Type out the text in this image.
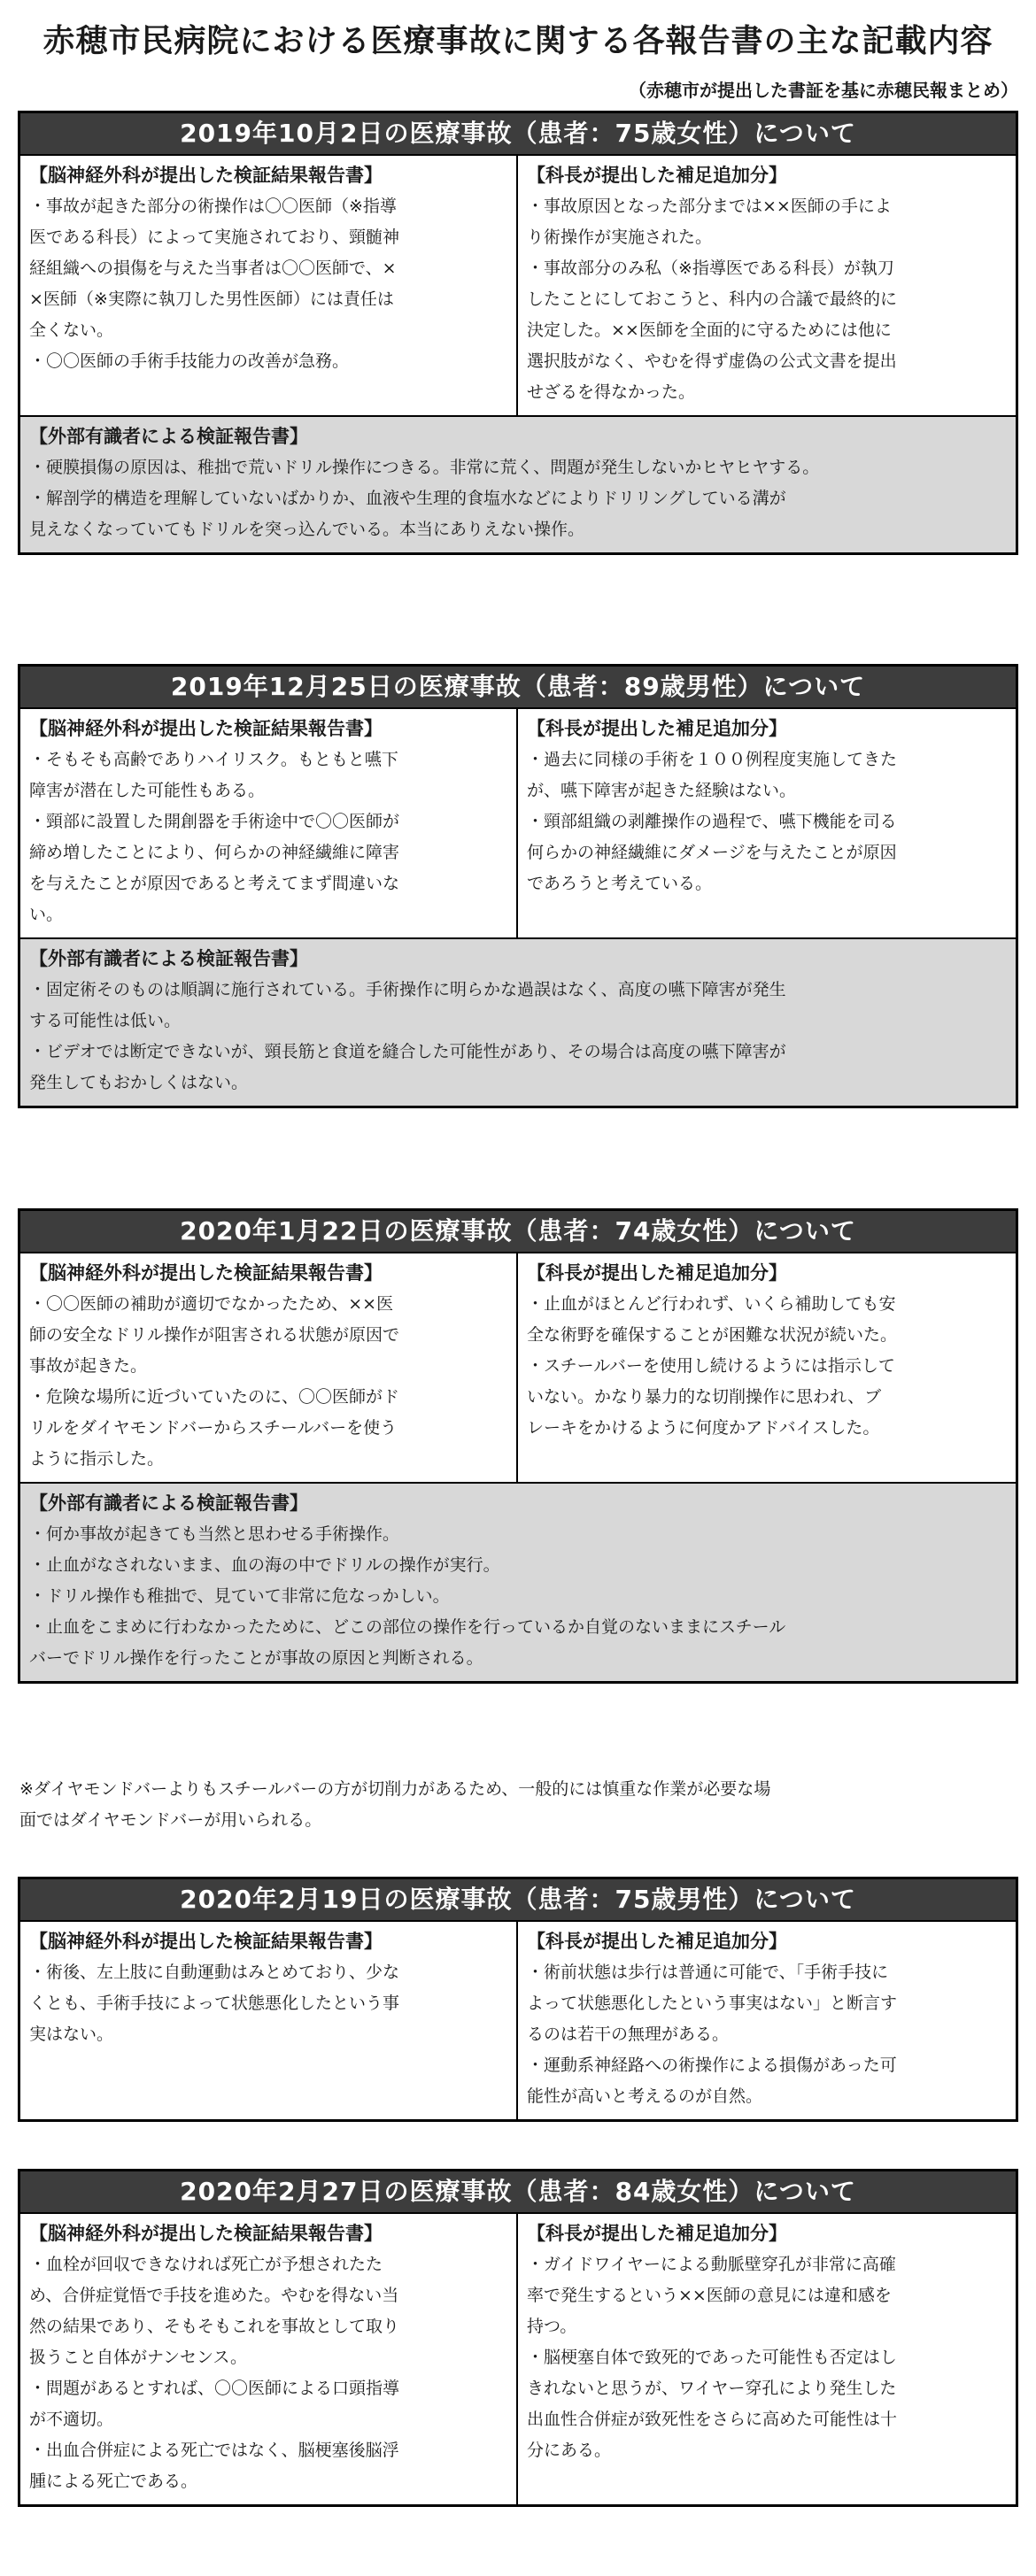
赤穂市民病院における医療事故に関する各報告書の主な記載内容
（赤穂市が提出した書証を基に赤穂民報まとめ）
2019年10月2日の医療事故（患者：75歳女性）について
【脳神経外科が提出した検証結果報告書】
・事故が起きた部分の術操作は〇〇医師（※指導
医である科長）によって実施されており、頸髄神
経組織への損傷を与えた当事者は〇〇医師で、×
×医師（※実際に執刀した男性医師）には責任は
全くない。
・〇〇医師の手術手技能力の改善が急務。
【科長が提出した補足追加分】
・事故原因となった部分までは××医師の手によ
り術操作が実施された。
・事故部分のみ私（※指導医である科長）が執刀
したことにしておこうと、科内の合議で最終的に
決定した。××医師を全面的に守るためには他に
選択肢がなく、やむを得ず虚偽の公式文書を提出
せざるを得なかった。
【外部有識者による検証報告書】
・硬膜損傷の原因は、稚拙で荒いドリル操作につきる。非常に荒く、問題が発生しないかヒヤヒヤする。
・解剖学的構造を理解していないばかりか、血液や生理的食塩水などによりドリリングしている溝が
見えなくなっていてもドリルを突っ込んでいる。本当にありえない操作。
2019年12月25日の医療事故（患者：89歳男性）について
【脳神経外科が提出した検証結果報告書】
・そもそも高齢でありハイリスク。もともと嚥下
障害が潜在した可能性もある。
・頸部に設置した開創器を手術途中で〇〇医師が
締め増したことにより、何らかの神経繊維に障害
を与えたことが原因であると考えてまず間違いな
い。
【科長が提出した補足追加分】
・過去に同様の手術を１００例程度実施してきた
が、嚥下障害が起きた経験はない。
・頸部組織の剥離操作の過程で、嚥下機能を司る
何らかの神経繊維にダメージを与えたことが原因
であろうと考えている。
【外部有識者による検証報告書】
・固定術そのものは順調に施行されている。手術操作に明らかな過誤はなく、高度の嚥下障害が発生
する可能性は低い。
・ビデオでは断定できないが、頸長筋と食道を縫合した可能性があり、その場合は高度の嚥下障害が
発生してもおかしくはない。
2020年1月22日の医療事故（患者：74歳女性）について
【脳神経外科が提出した検証結果報告書】
・〇〇医師の補助が適切でなかったため、××医
師の安全なドリル操作が阻害される状態が原因で
事故が起きた。
・危険な場所に近づいていたのに、〇〇医師がド
リルをダイヤモンドバーからスチールバーを使う
ように指示した。
【科長が提出した補足追加分】
・止血がほとんど行われず、いくら補助しても安
全な術野を確保することが困難な状況が続いた。
・スチールバーを使用し続けるようには指示して
いない。かなり暴力的な切削操作に思われ、ブ
レーキをかけるように何度かアドバイスした。
【外部有識者による検証報告書】
・何か事故が起きても当然と思わせる手術操作。
・止血がなされないまま、血の海の中でドリルの操作が実行。
・ドリル操作も稚拙で、見ていて非常に危なっかしい。
・止血をこまめに行わなかったために、どこの部位の操作を行っているか自覚のないままにスチール
バーでドリル操作を行ったことが事故の原因と判断される。
2020年2月19日の医療事故（患者：75歳男性）について
【脳神経外科が提出した検証結果報告書】
・術後、左上肢に自動運動はみとめており、少な
くとも、手術手技によって状態悪化したという事
実はない。
【科長が提出した補足追加分】
・術前状態は歩行は普通に可能で、「手術手技に
よって状態悪化したという事実はない」と断言す
るのは若干の無理がある。
・運動系神経路への術操作による損傷があった可
能性が高いと考えるのが自然。
2020年2月27日の医療事故（患者：84歳女性）について
【脳神経外科が提出した検証結果報告書】
・血栓が回収できなければ死亡が予想されたた
め、合併症覚悟で手技を進めた。やむを得ない当
然の結果であり、そもそもこれを事故として取り
扱うこと自体がナンセンス。
・問題があるとすれば、〇〇医師による口頭指導
が不適切。
・出血合併症による死亡ではなく、脳梗塞後脳浮
腫による死亡である。
【科長が提出した補足追加分】
・ガイドワイヤーによる動脈壁穿孔が非常に高確
率で発生するという××医師の意見には違和感を
持つ。
・脳梗塞自体で致死的であった可能性も否定はし
きれないと思うが、ワイヤー穿孔により発生した
出血性合併症が致死性をさらに高めた可能性は十
分にある。
※ダイヤモンドバーよりもスチールバーの方が切削力があるため、一般的には慎重な作業が必要な場
面ではダイヤモンドバーが用いられる。
